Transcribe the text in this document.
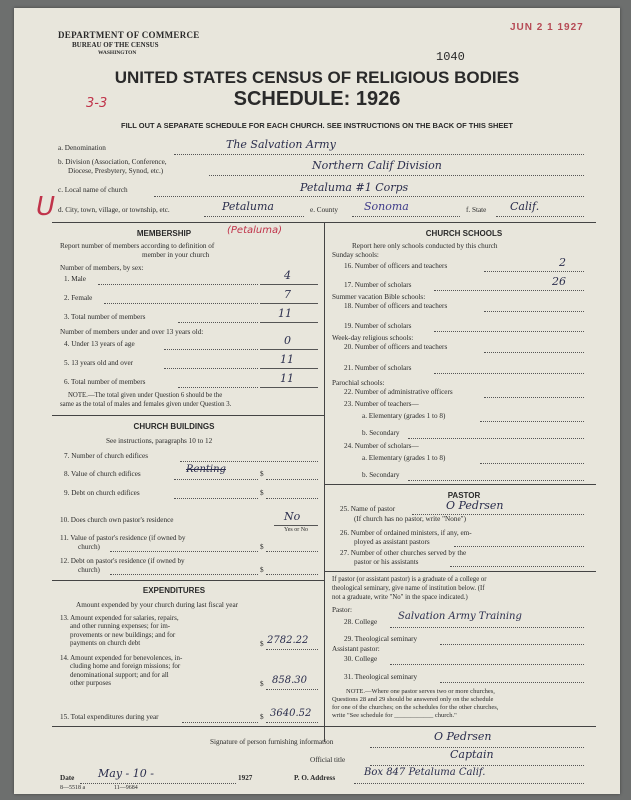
DEPARTMENT OF COMMERCE
BUREAU OF THE CENSUS
WASHINGTON
JUN 2 1 1927
1040
UNITED STATES CENSUS OF RELIGIOUS BODIES
SCHEDULE: 1926
3-3
FILL OUT A SEPARATE SCHEDULE FOR EACH CHURCH. SEE INSTRUCTIONS ON THE BACK OF THIS SHEET
a. Denomination	The Salvation Army
b. Division (Association, Conference,
Diocese, Presbytery, Synod, etc.)	Northern Calif Division
c. Local name of church	Petaluma #1 Corps
U d. City, town, village, or township, etc.	Petaluma	e. County Sonoma	f. State Calif.
MEMBERSHIP	(Petaluma)
Report number of members according to definition of
member in your church
Number of members, by sex:
1. Male	4
2. Female	7
3. Total number of members	11
Number of members under and over 13 years old:
4. Under 13 years of age	0
5. 13 years old and over	11
6. Total number of members	11
NOTE.—The total given under Question 6 should be the
same as the total of males and females given under Question 3.
CHURCH BUILDINGS
See instructions, paragraphs 10 to 12
7. Number of church edifices
8. Value of church edifices	$
Renting
9. Debt on church edifices	$
10. Does church own pastor's residence	No
Yes or No
11. Value of pastor's residence (if owned by
church)	$
12. Debt on pastor's residence (if owned by
church)	$
EXPENDITURES
Amount expended by your church during last fiscal year
13. Amount expended for salaries, repairs,
and other running expenses; for im-
provements or new buildings; and for
payments on church debt	$ 2782.22
14. Amount expended for benevolences, in-
cluding home and foreign missions; for
denominational support; and for all
other purposes	$ 858.30
15. Total expenditures during year	$ 3640.52
CHURCH SCHOOLS
Report here only schools conducted by this church
Sunday schools:
16. Number of officers and teachers	2
17. Number of scholars	26
Summer vacation Bible schools:
18. Number of officers and teachers
19. Number of scholars
Week-day religious schools:
20. Number of officers and teachers
21. Number of scholars
Parochial schools:
22. Number of administrative officers
23. Number of teachers—
a. Elementary (grades 1 to 8)
b. Secondary
24. Number of scholars—
a. Elementary (grades 1 to 8)
b. Secondary
PASTOR
25. Name of pastor	O Pedrsen
(If church has no pastor, write "None")
26. Number of ordained ministers, if any, em-
ployed as assistant pastors
27. Number of other churches served by the
pastor or his assistants
If pastor (or assistant pastor) is a graduate of a college or
theological seminary, give name of institution below. (If
not a graduate, write "No" in the space indicated.)
Pastor:
28. College Salvation Army Training
29. Theological seminary
Assistant pastor:
30. College
31. Theological seminary
NOTE.—Where one pastor serves two or more churches,
Questions 28 and 29 should be answered only on the schedule
for one of the churches; on the schedules for the other churches,
write "See schedule for ____________ church."
Signature of person furnishing information	O Pedrsen
Official title	Captain
Date May - 10 -	1927	P. O. Address	Box 847 Petaluma Calif.
8—5518 a	11—9684
